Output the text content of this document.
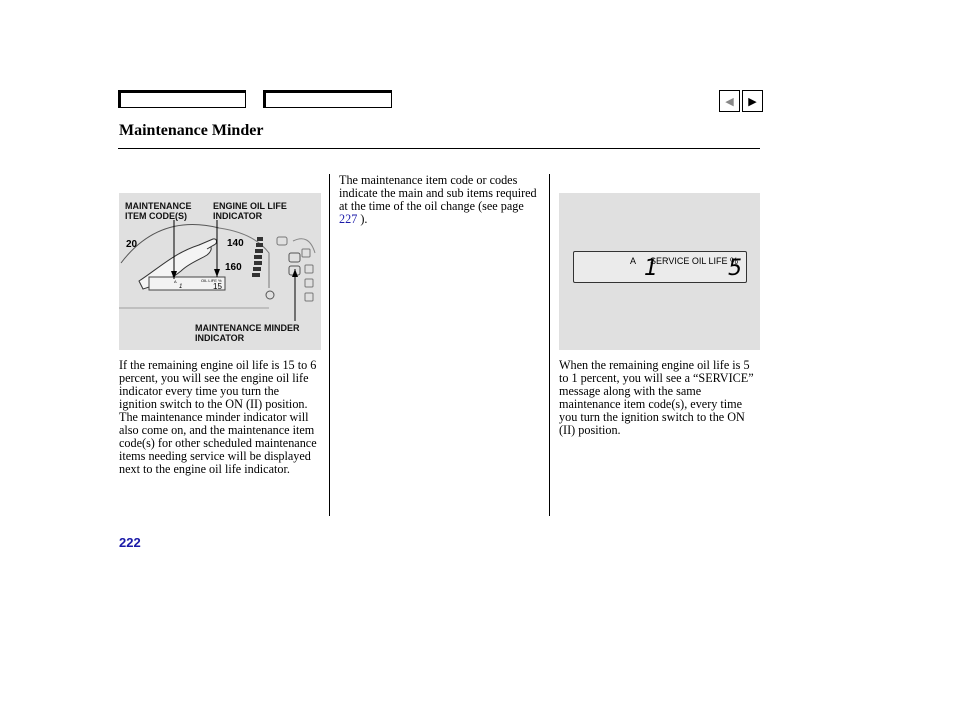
◀ ▶
Maintenance Minder
MAINTENANCE
ITEM CODE(S)
ENGINE OIL LIFE
INDICATOR
MAINTENANCE MINDER
INDICATOR
140
160
20
A
1
OIL LIFE %
15
A SERVICE OIL LIFE %
1	5
If the remaining engine oil life is 15 to 6 percent, you will see the engine oil life indicator every time you turn the ignition switch to the ON (II) position. The maintenance minder indicator will also come on, and the maintenance item code(s) for other scheduled maintenance items needing service will be displayed next to the engine oil life indicator.
The maintenance item code or codes indicate the main and sub items required at the time of the oil change (see page 227 ).
When the remaining engine oil life is 5 to 1 percent, you will see a “SERVICE” message along with the same maintenance item code(s), every time you turn the ignition switch to the ON (II) position.
222
